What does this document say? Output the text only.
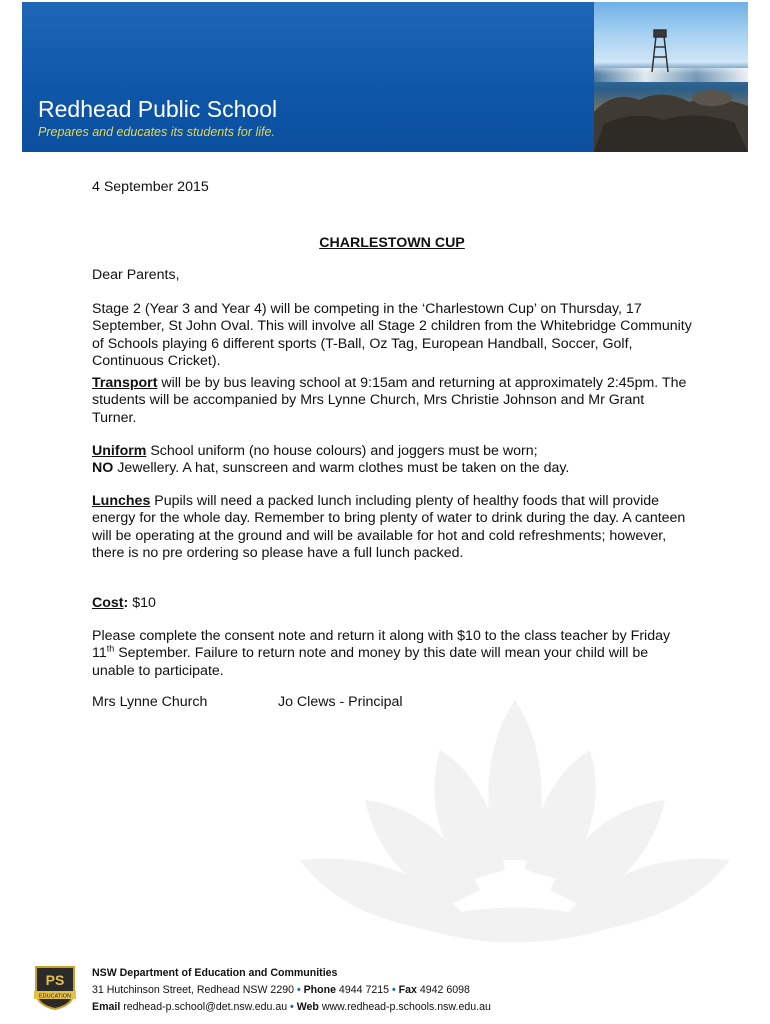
Redhead Public School
Prepares and educates its students for life.

4 September 2015

CHARLESTOWN CUP

Dear Parents,

Stage 2 (Year 3 and Year 4) will be competing in the ‘Charlestown Cup’ on Thursday, 17 September, St John Oval. This will involve all Stage 2 children from the Whitebridge Community of Schools playing 6 different sports (T-Ball, Oz Tag, European Handball, Soccer, Golf, Continuous Cricket).

Transport will be by bus leaving school at 9:15am and returning at approximately 2:45pm. The students will be accompanied by Mrs Lynne Church, Mrs Christie Johnson and Mr Grant Turner.

Uniform School uniform (no house colours) and joggers must be worn;
NO Jewellery. A hat, sunscreen and warm clothes must be taken on the day.

Lunches Pupils will need a packed lunch including plenty of healthy foods that will provide energy for the whole day. Remember to bring plenty of water to drink during the day. A canteen will be operating at the ground and will be available for hot and cold refreshments; however, there is no pre ordering so please have a full lunch packed.

Cost: $10

Please complete the consent note and return it along with $10 to the class teacher by Friday 11th September. Failure to return note and money by this date will mean your child will be unable to participate.

Mrs Lynne Church	Jo Clews - Principal
PS
EDUCATION
NSW Department of Education and Communities
31 Hutchinson Street, Redhead NSW 2290 • Phone 4944 7215 • Fax 4942 6098
Email redhead-p.school@det.nsw.edu.au • Web www.redhead-p.schools.nsw.edu.au
